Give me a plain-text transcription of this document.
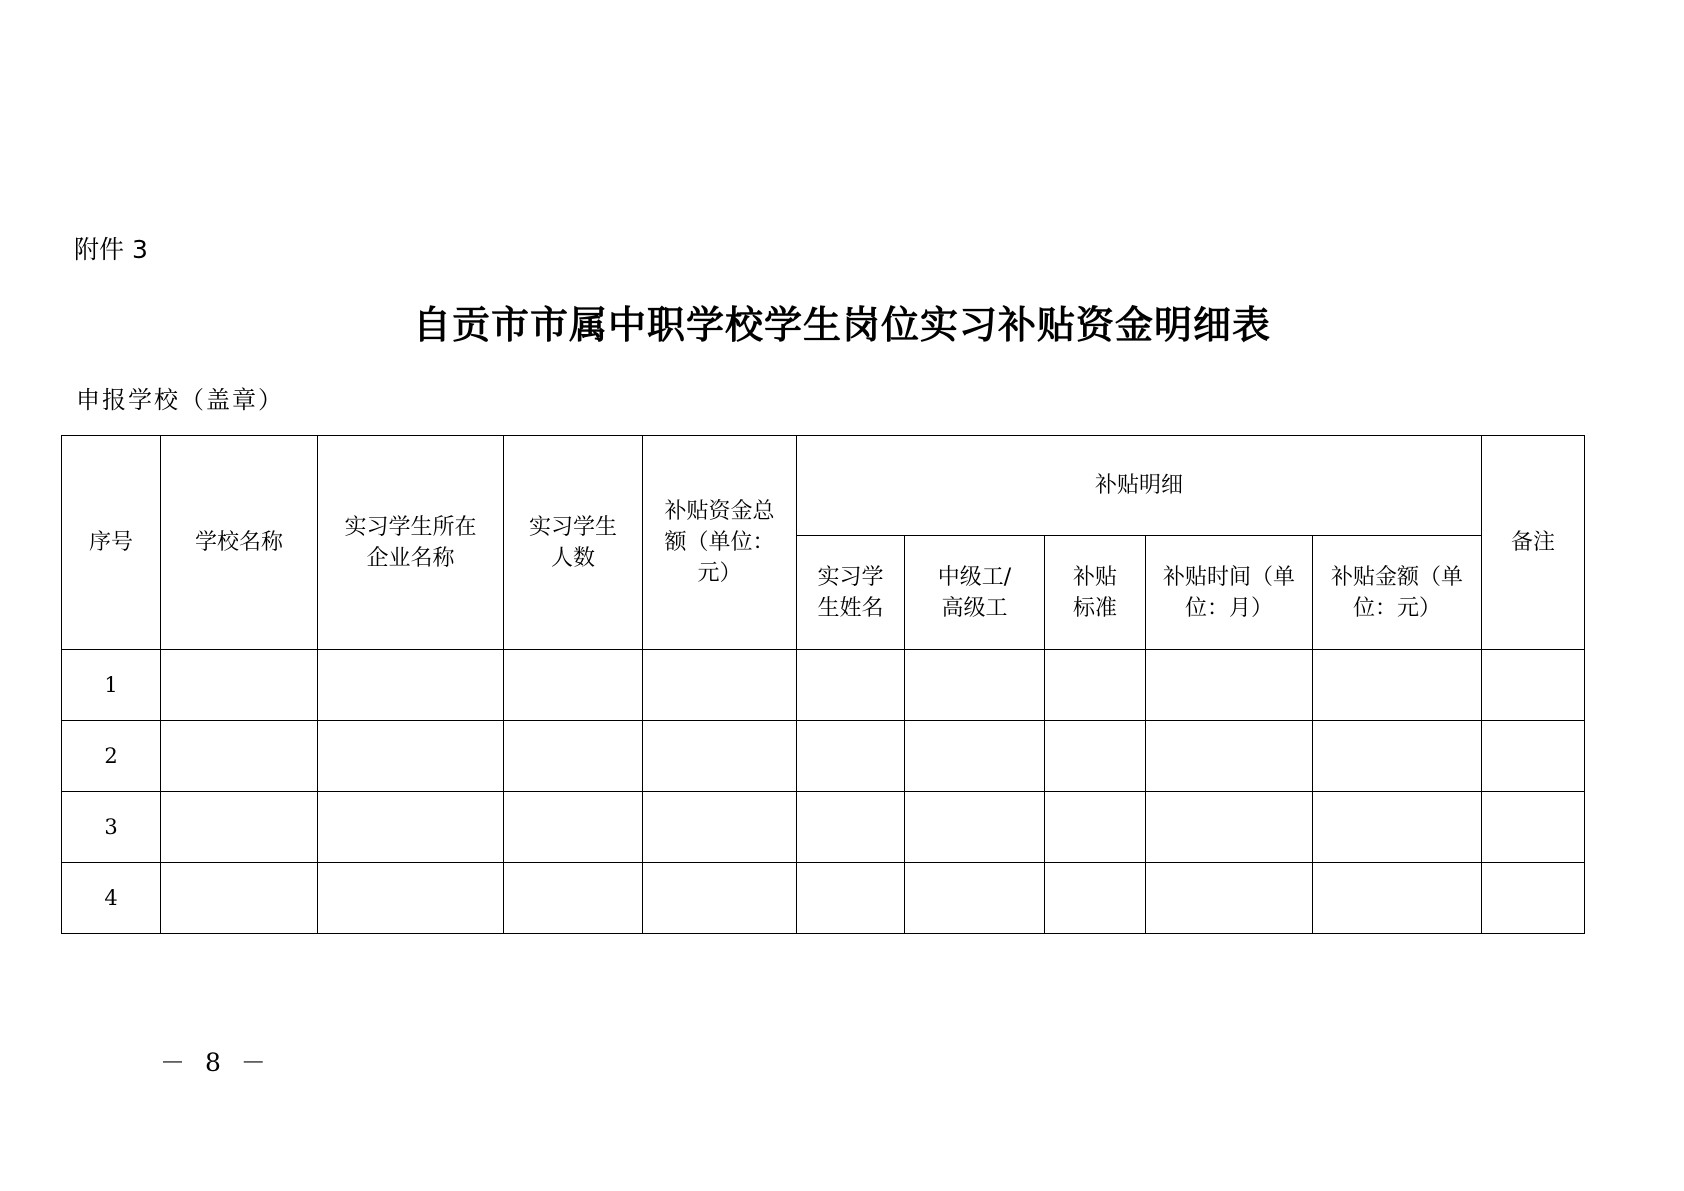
附件 3
自贡市市属中职学校学生岗位实习补贴资金明细表
申报学校（盖章）
序号	学校名称	实习学生所在企业名称	实习学生人数	补贴资金总额（单位：元）	补贴明细					备注
					实习学生姓名	中级工/高级工	补贴标准	补贴时间（单位：月）	补贴金额（单位：元）	
1										
2										
3										
4										
－ 8 －
